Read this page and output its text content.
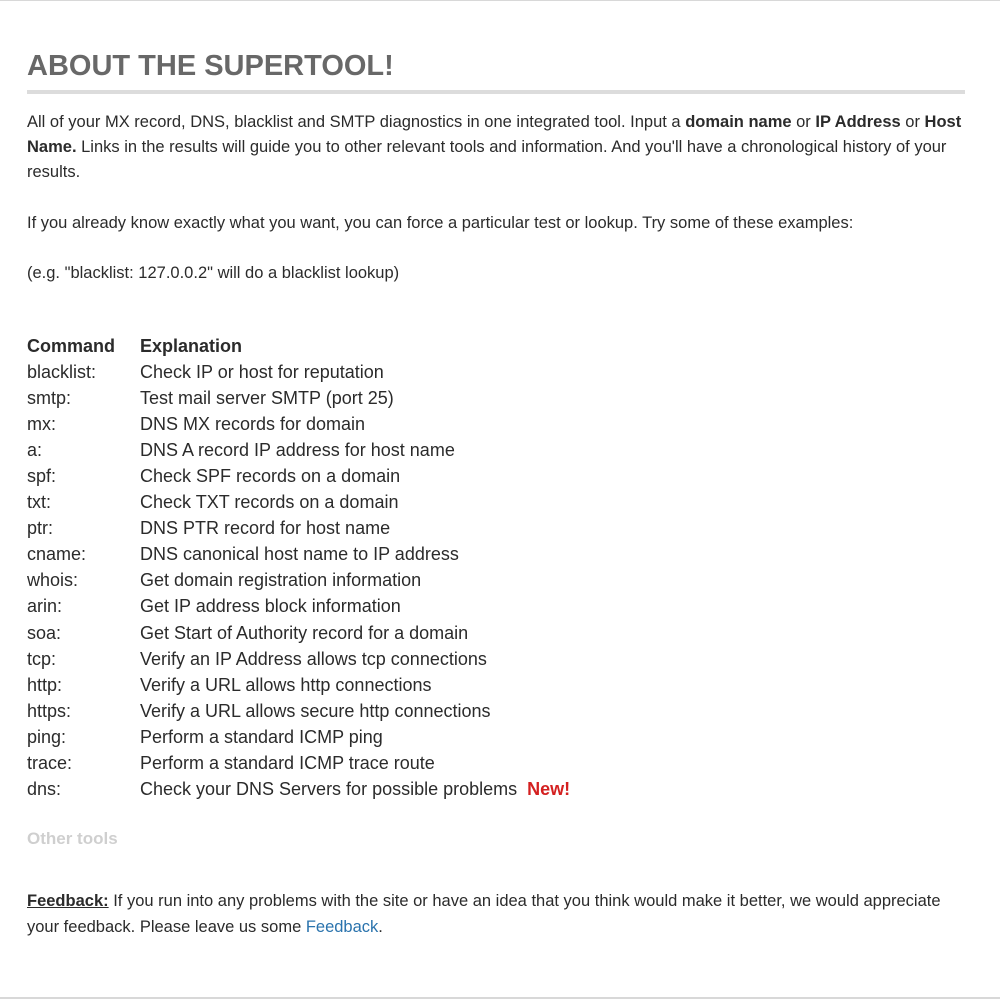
ABOUT THE SUPERTOOL!

All of your MX record, DNS, blacklist and SMTP diagnostics in one integrated tool. Input a domain name or IP Address or Host Name. Links in the results will guide you to other relevant tools and information. And you'll have a chronological history of your results.

If you already know exactly what you want, you can force a particular test or lookup. Try some of these examples:

(e.g. "blacklist: 127.0.0.2" will do a blacklist lookup)

Command	Explanation
blacklist:	Check IP or host for reputation
smtp:	Test mail server SMTP (port 25)
mx:	DNS MX records for domain
a:	DNS A record IP address for host name
spf:	Check SPF records on a domain
txt:	Check TXT records on a domain
ptr:	DNS PTR record for host name
cname:	DNS canonical host name to IP address
whois:	Get domain registration information
arin:	Get IP address block information
soa:	Get Start of Authority record for a domain
tcp:	Verify an IP Address allows tcp connections
http:	Verify a URL allows http connections
https:	Verify a URL allows secure http connections
ping:	Perform a standard ICMP ping
trace:	Perform a standard ICMP trace route
dns:	Check your DNS Servers for possible problems New!

Other tools

Feedback: If you run into any problems with the site or have an idea that you think would make it better, we would appreciate your feedback. Please leave us some Feedback.
